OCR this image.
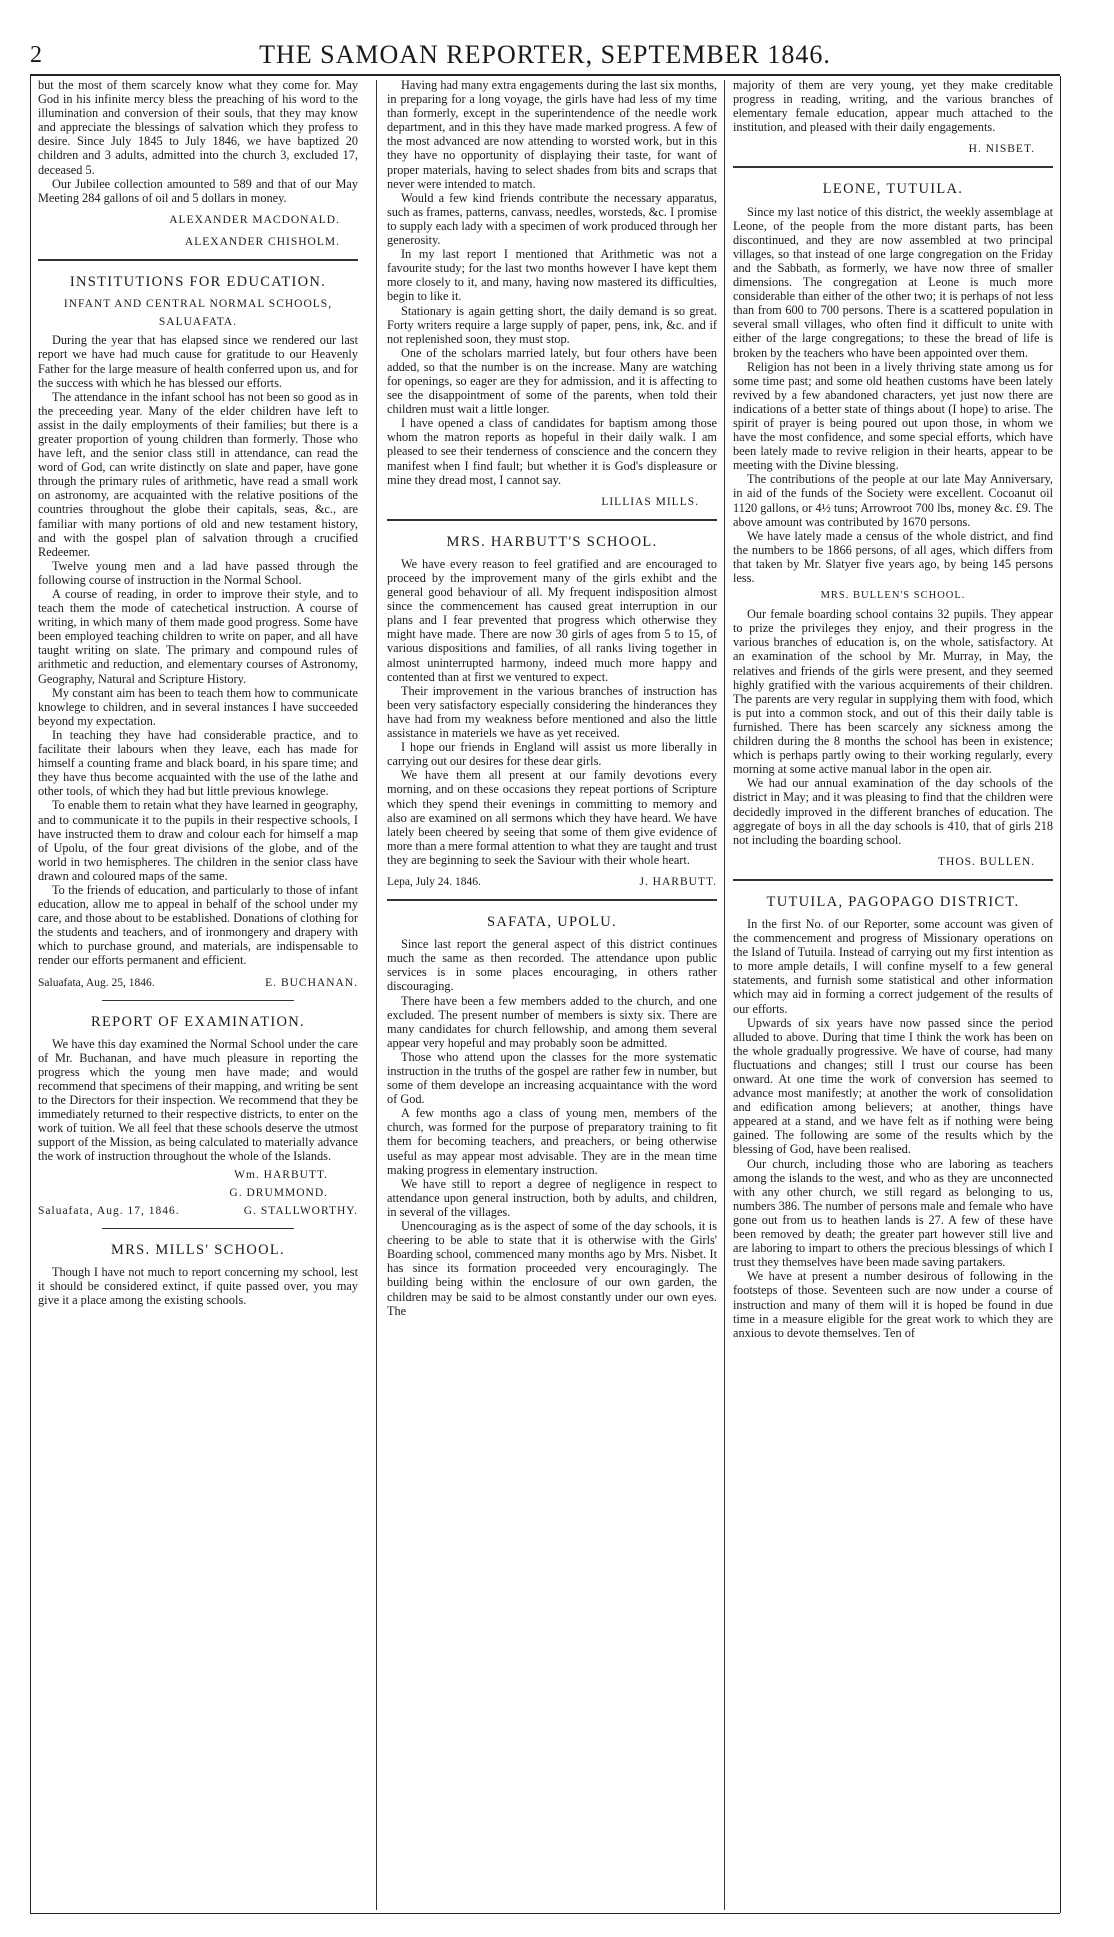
2	THE SAMOAN REPORTER, SEPTEMBER 1846.

but the most of them scarcely know what they come for. May God in his infinite mercy bless the preaching of his word to the illumination and conversion of their souls, that they may know and appreciate the blessings of salvation which they profess to desire. Since July 1845 to July 1846, we have baptized 20 children and 3 adults, admitted into the church 3, excluded 17, deceased 5.

Our Jubilee collection amounted to 589 and that of our May Meeting 284 gallons of oil and 5 dollars in money.

ALEXANDER MACDONALD.
ALEXANDER CHISHOLM.
INSTITUTIONS FOR EDUCATION.
INFANT AND CENTRAL NORMAL SCHOOLS,
SALUAFATA.

During the year that has elapsed since we rendered our last report we have had much cause for gratitude to our Heavenly Father for the large measure of health conferred upon us, and for the success with which he has blessed our efforts.

The attendance in the infant school has not been so good as in the preceeding year. Many of the elder children have left to assist in the daily employments of their families; but there is a greater proportion of young children than formerly. Those who have left, and the senior class still in attendance, can read the word of God, can write distinctly on slate and paper, have gone through the primary rules of arithmetic, have read a small work on astronomy, are acquainted with the relative positions of the countries throughout the globe their capitals, seas, &c., are familiar with many portions of old and new testament history, and with the gospel plan of salvation through a crucified Redeemer.

Twelve young men and a lad have passed through the following course of instruction in the Normal School.

A course of reading, in order to improve their style, and to teach them the mode of catechetical instruction. A course of writing, in which many of them made good progress. Some have been employed teaching children to write on paper, and all have taught writing on slate. The primary and compound rules of arithmetic and reduction, and elementary courses of Astronomy, Geography, Natural and Scripture History.

My constant aim has been to teach them how to communicate knowlege to children, and in several instances I have succeeded beyond my expectation.

In teaching they have had considerable practice, and to facilitate their labours when they leave, each has made for himself a counting frame and black board, in his spare time; and they have thus become acquainted with the use of the lathe and other tools, of which they had but little previous knowlege.

To enable them to retain what they have learned in geography, and to communicate it to the pupils in their respective schools, I have instructed them to draw and colour each for himself a map of Upolu, of the four great divisions of the globe, and of the world in two hemispheres. The children in the senior class have drawn and coloured maps of the same.

To the friends of education, and particularly to those of infant education, allow me to appeal in behalf of the school under my care, and those about to be established. Donations of clothing for the students and teachers, and of ironmongery and drapery with which to purchase ground, and materials, are indispensable to render our efforts permanent and efficient.

Saluafata, Aug. 25, 1846.	E. BUCHANAN.
REPORT OF EXAMINATION.

We have this day examined the Normal School under the care of Mr. Buchanan, and have much pleasure in reporting the progress which the young men have made; and would recommend that specimens of their mapping, and writing be sent to the Directors for their inspection. We recommend that they be immediately returned to their respective districts, to enter on the work of tuition. We all feel that these schools deserve the utmost support of the Mission, as being calculated to materially advance the work of instruction throughout the whole of the Islands.

Wm. HARBUTT.
G. DRUMMOND.
Saluafata, Aug. 17, 1846.	G. STALLWORTHY.
MRS. MILLS' SCHOOL.

Though I have not much to report concerning my school, lest it should be considered extinct, if quite passed over, you may give it a place among the existing schools.

Having had many extra engagements during the last six months, in preparing for a long voyage, the girls have had less of my time than formerly, except in the superintendence of the needle work department, and in this they have made marked progress. A few of the most advanced are now attending to worsted work, but in this they have no opportunity of displaying their taste, for want of proper materials, having to select shades from bits and scraps that never were intended to match.

Would a few kind friends contribute the necessary apparatus, such as frames, patterns, canvass, needles, worsteds, &c. I promise to supply each lady with a specimen of work produced through her generosity.

In my last report I mentioned that Arithmetic was not a favourite study; for the last two months however I have kept them more closely to it, and many, having now mastered its difficulties, begin to like it.

Stationary is again getting short, the daily demand is so great. Forty writers require a large supply of paper, pens, ink, &c. and if not replenished soon, they must stop.

One of the scholars married lately, but four others have been added, so that the number is on the increase. Many are watching for openings, so eager are they for admission, and it is affecting to see the disappointment of some of the parents, when told their children must wait a little longer.

I have opened a class of candidates for baptism among those whom the matron reports as hopeful in their daily walk. I am pleased to see their tenderness of conscience and the concern they manifest when I find fault; but whether it is God's displeasure or mine they dread most, I cannot say.

LILLIAS MILLS.
MRS. HARBUTT'S SCHOOL.

We have every reason to feel gratified and are encouraged to proceed by the improvement many of the girls exhibt and the general good behaviour of all. My frequent indisposition almost since the commencement has caused great interruption in our plans and I fear prevented that progress which otherwise they might have made. There are now 30 girls of ages from 5 to 15, of various dispositions and families, of all ranks living together in almost uninterrupted harmony, indeed much more happy and contented than at first we ventured to expect.

Their improvement in the various branches of instruction has been very satisfactory especially considering the hinderances they have had from my weakness before mentioned and also the little assistance in materiels we have as yet received.

I hope our friends in England will assist us more liberally in carrying out our desires for these dear girls.

We have them all present at our family devotions every morning, and on these occasions they repeat portions of Scripture which they spend their evenings in committing to memory and also are examined on all sermons which they have heard. We have lately been cheered by seeing that some of them give evidence of more than a mere formal attention to what they are taught and trust they are beginning to seek the Saviour with their whole heart.

Lepa, July 24. 1846.	J. HARBUTT.
SAFATA, UPOLU.

Since last report the general aspect of this district continues much the same as then recorded. The attendance upon public services is in some places encouraging, in others rather discouraging.

There have been a few members added to the church, and one excluded. The present number of members is sixty six. There are many candidates for church fellowship, and among them several appear very hopeful and may probably soon be admitted.

Those who attend upon the classes for the more systematic instruction in the truths of the gospel are rather few in number, but some of them develope an increasing acquaintance with the word of God.

A few months ago a class of young men, members of the church, was formed for the purpose of preparatory training to fit them for becoming teachers, and preachers, or being otherwise useful as may appear most advisable. They are in the mean time making progress in elementary instruction.

We have still to report a degree of negligence in respect to attendance upon general instruction, both by adults, and children, in several of the villages.

Unencouraging as is the aspect of some of the day schools, it is cheering to be able to state that it is otherwise with the Girls' Boarding school, commenced many months ago by Mrs. Nisbet. It has since its formation proceeded very encouragingly. The building being within the enclosure of our own garden, the children may be said to be almost constantly under our own eyes. The

majority of them are very young, yet they make creditable progress in reading, writing, and the various branches of elementary female education, appear much attached to the institution, and pleased with their daily engagements.

H. NISBET.
LEONE, TUTUILA.

Since my last notice of this district, the weekly assemblage at Leone, of the people from the more distant parts, has been discontinued, and they are now assembled at two principal villages, so that instead of one large congregation on the Friday and the Sabbath, as formerly, we have now three of smaller dimensions. The congregation at Leone is much more considerable than either of the other two; it is perhaps of not less than from 600 to 700 persons. There is a scattered population in several small villages, who often find it difficult to unite with either of the large congregations; to these the bread of life is broken by the teachers who have been appointed over them.

Religion has not been in a lively thriving state among us for some time past; and some old heathen customs have been lately revived by a few abandoned characters, yet just now there are indications of a better state of things about (I hope) to arise. The spirit of prayer is being poured out upon those, in whom we have the most confidence, and some special efforts, which have been lately made to revive religion in their hearts, appear to be meeting with the Divine blessing.

The contributions of the people at our late May Anniversary, in aid of the funds of the Society were excellent. Cocoanut oil 1120 gallons, or 4½ tuns; Arrowroot 700 lbs, money &c. £9. The above amount was contributed by 1670 persons.

We have lately made a census of the whole district, and find the numbers to be 1866 persons, of all ages, which differs from that taken by Mr. Slatyer five years ago, by being 145 persons less.

MRS. BULLEN'S SCHOOL.

Our female boarding school contains 32 pupils. They appear to prize the privileges they enjoy, and their progress in the various branches of education is, on the whole, satisfactory. At an examination of the school by Mr. Murray, in May, the relatives and friends of the girls were present, and they seemed highly gratified with the various acquirements of their children. The parents are very regular in supplying them with food, which is put into a common stock, and out of this their daily table is furnished. There has been scarcely any sickness among the children during the 8 months the school has been in existence; which is perhaps partly owing to their working regularly, every morning at some active manual labor in the open air.

We had our annual examination of the day schools of the district in May; and it was pleasing to find that the children were decidedly improved in the different branches of education. The aggregate of boys in all the day schools is 410, that of girls 218 not including the boarding school.

THOS. BULLEN.
TUTUILA, PAGOPAGO DISTRICT.

In the first No. of our Reporter, some account was given of the commencement and progress of Missionary operations on the Island of Tutuila. Instead of carrying out my first intention as to more ample details, I will confine myself to a few general statements, and furnish some statistical and other information which may aid in forming a correct judgement of the results of our efforts.

Upwards of six years have now passed since the period alluded to above. During that time I think the work has been on the whole gradually progressive. We have of course, had many fluctuations and changes; still I trust our course has been onward. At one time the work of conversion has seemed to advance most manifestly; at another the work of consolidation and edification among believers; at another, things have appeared at a stand, and we have felt as if nothing were being gained. The following are some of the results which by the blessing of God, have been realised.

Our church, including those who are laboring as teachers among the islands to the west, and who as they are unconnected with any other church, we still regard as belonging to us, numbers 386. The number of persons male and female who have gone out from us to heathen lands is 27. A few of these have been removed by death; the greater part however still live and are laboring to impart to others the precious blessings of which I trust they themselves have been made saving partakers.

We have at present a number desirous of following in the footsteps of those. Seventeen such are now under a course of instruction and many of them will it is hoped be found in due time in a measure eligible for the great work to which they are anxious to devote themselves. Ten of
